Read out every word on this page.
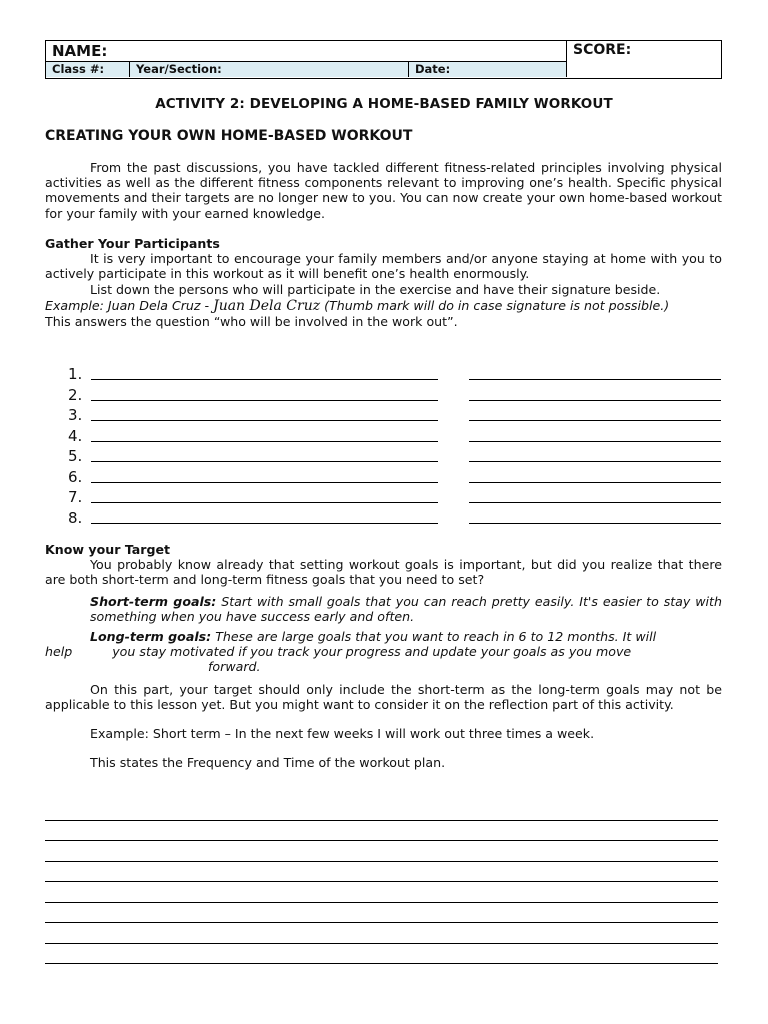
NAME:	SCORE:
Class #:	Year/Section:	Date:
ACTIVITY 2: DEVELOPING A HOME-BASED FAMILY WORKOUT
CREATING YOUR OWN HOME-BASED WORKOUT

From the past discussions, you have tackled different fitness-related principles involving physical activities as well as the different fitness components relevant to improving one’s health. Specific physical movements and their targets are no longer new to you. You can now create your own home-based workout for your family with your earned knowledge.

Gather Your Participants

It is very important to encourage your family members and/or anyone staying at home with you to actively participate in this workout as it will benefit one’s health enormously.

List down the persons who will participate in the exercise and have their signature beside.

Example: Juan Dela Cruz - Juan Dela Cruz (Thumb mark will do in case signature is not possible.)

This answers the question “who will be involved in the work out”.

1.
2.
3.
4.
5.
6.
7.
8.

Know your Target

You probably know already that setting workout goals is important, but did you realize that there are both short-term and long-term fitness goals that you need to set?

Short-term goals: Start with small goals that you can reach pretty easily. It's easier to stay with something when you have success early and often.

Long-term goals: These are large goals that you want to reach in 6 to 12 months. It will

help	you stay motivated if you track your progress and update your goals as you move

forward.

On this part, your target should only include the short-term as the long-term goals may not be applicable to this lesson yet. But you might want to consider it on the reflection part of this activity.

Example: Short term – In the next few weeks I will work out three times a week.

This states the Frequency and Time of the workout plan.
